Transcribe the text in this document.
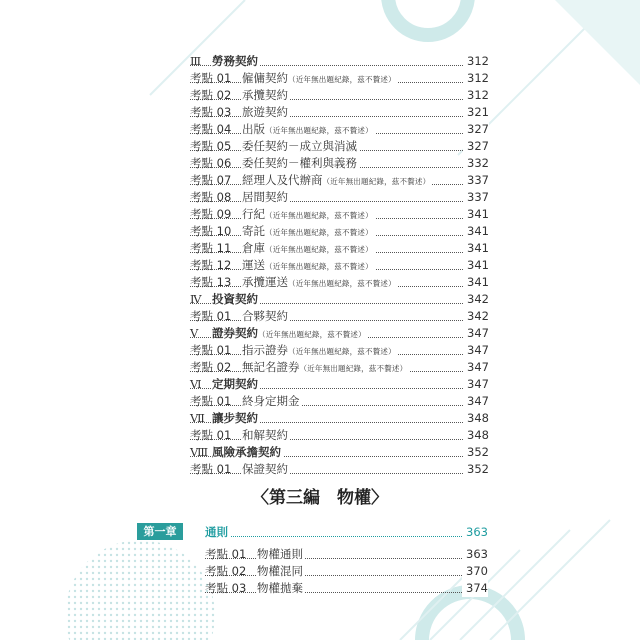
Ⅲ 勞務契約	312
考點 01 僱傭契約（近年無出題紀錄，茲不贅述）	312
考點 02 承攬契約	312
考點 03 旅遊契約	321
考點 04 出版（近年無出題紀錄，茲不贅述）	327
考點 05 委任契約－成立與消滅	327
考點 06 委任契約－權利與義務	332
考點 07 經理人及代辦商（近年無出題紀錄，茲不贅述）	337
考點 08 居間契約	337
考點 09 行紀（近年無出題紀錄，茲不贅述）	341
考點 10 寄託（近年無出題紀錄，茲不贅述）	341
考點 11 倉庫（近年無出題紀錄，茲不贅述）	341
考點 12 運送（近年無出題紀錄，茲不贅述）	341
考點 13 承攬運送（近年無出題紀錄，茲不贅述）	341
Ⅳ 投資契約	342
考點 01 合夥契約	342
Ⅴ 證券契約（近年無出題紀錄，茲不贅述）	347
考點 01 指示證券（近年無出題紀錄，茲不贅述）	347
考點 02 無記名證券（近年無出題紀錄，茲不贅述）	347
Ⅵ 定期契約	347
考點 01 終身定期金	347
Ⅶ 讓步契約	348
考點 01 和解契約	348
Ⅷ 風險承擔契約	352
考點 01 保證契約	352
〈第三編　物權〉
第一章	通則	363
考點 01 物權通則	363
考點 02 物權混同	370
考點 03 物權拋棄	374
